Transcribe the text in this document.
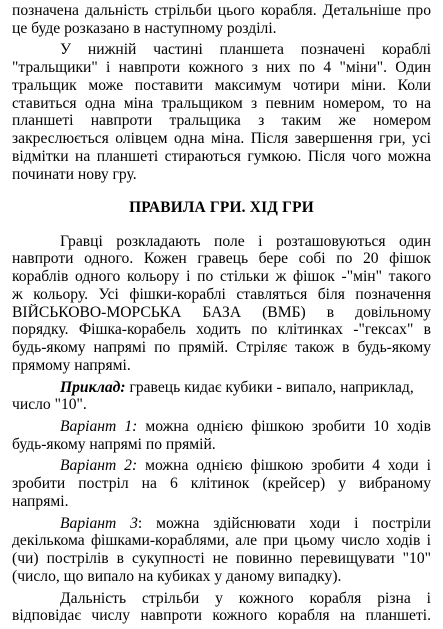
позначена дальність стрільби цього корабля. Детальніше про
це буде розказано в наступному розділі.
У нижній частині планшета позначені кораблі
"тральщики" і навпроти кожного з них по 4 "міни". Один
тральщик може поставити максимум чотири міни. Коли
ставиться одна міна тральщиком з певним номером, то на
планшеті навпроти тральщика з таким же номером
закреслюється олівцем одна міна. Після завершення гри, усі
відмітки на планшеті стираються гумкою. Після чого можна
починати нову гру.
ПРАВИЛА ГРИ. ХІД ГРИ
Гравці розкладають поле і розташовуються один
навпроти одного. Кожен гравець бере собі по 20 фішок
кораблів одного кольору і по стільки ж фішок -"мін" такого
ж кольору. Усі фішки-кораблі ставляться біля позначення
ВІЙСЬКОВО-МОРСЬКА БАЗА (ВМБ) в довільному
порядку. Фішка-корабель ходить по клітинках -"гексах" в
будь-якому напрямі по прямій. Стріляє також в будь-якому
прямому напрямі.
Приклад: гравець кидає кубики - випало, наприклад,
число "10".
Варіант 1: можна однією фішкою зробити 10 ходів
будь-якому напрямі по прямій.
Варіант 2: можна однією фішкою зробити 4 ходи і
зробити постріл на 6 клітинок (крейсер) у вибраному
напрямі.
Варіант 3: можна здійснювати ходи і постріли
декількома фішками-кораблями, але при цьому число ходів і
(чи) пострілів в сукупності не повинно перевищувати "10"
(число, що випало на кубиках у даному випадку).
Дальність стрільби у кожного корабля різна і
відповідає числу навпроти кожного корабля на планшеті.
